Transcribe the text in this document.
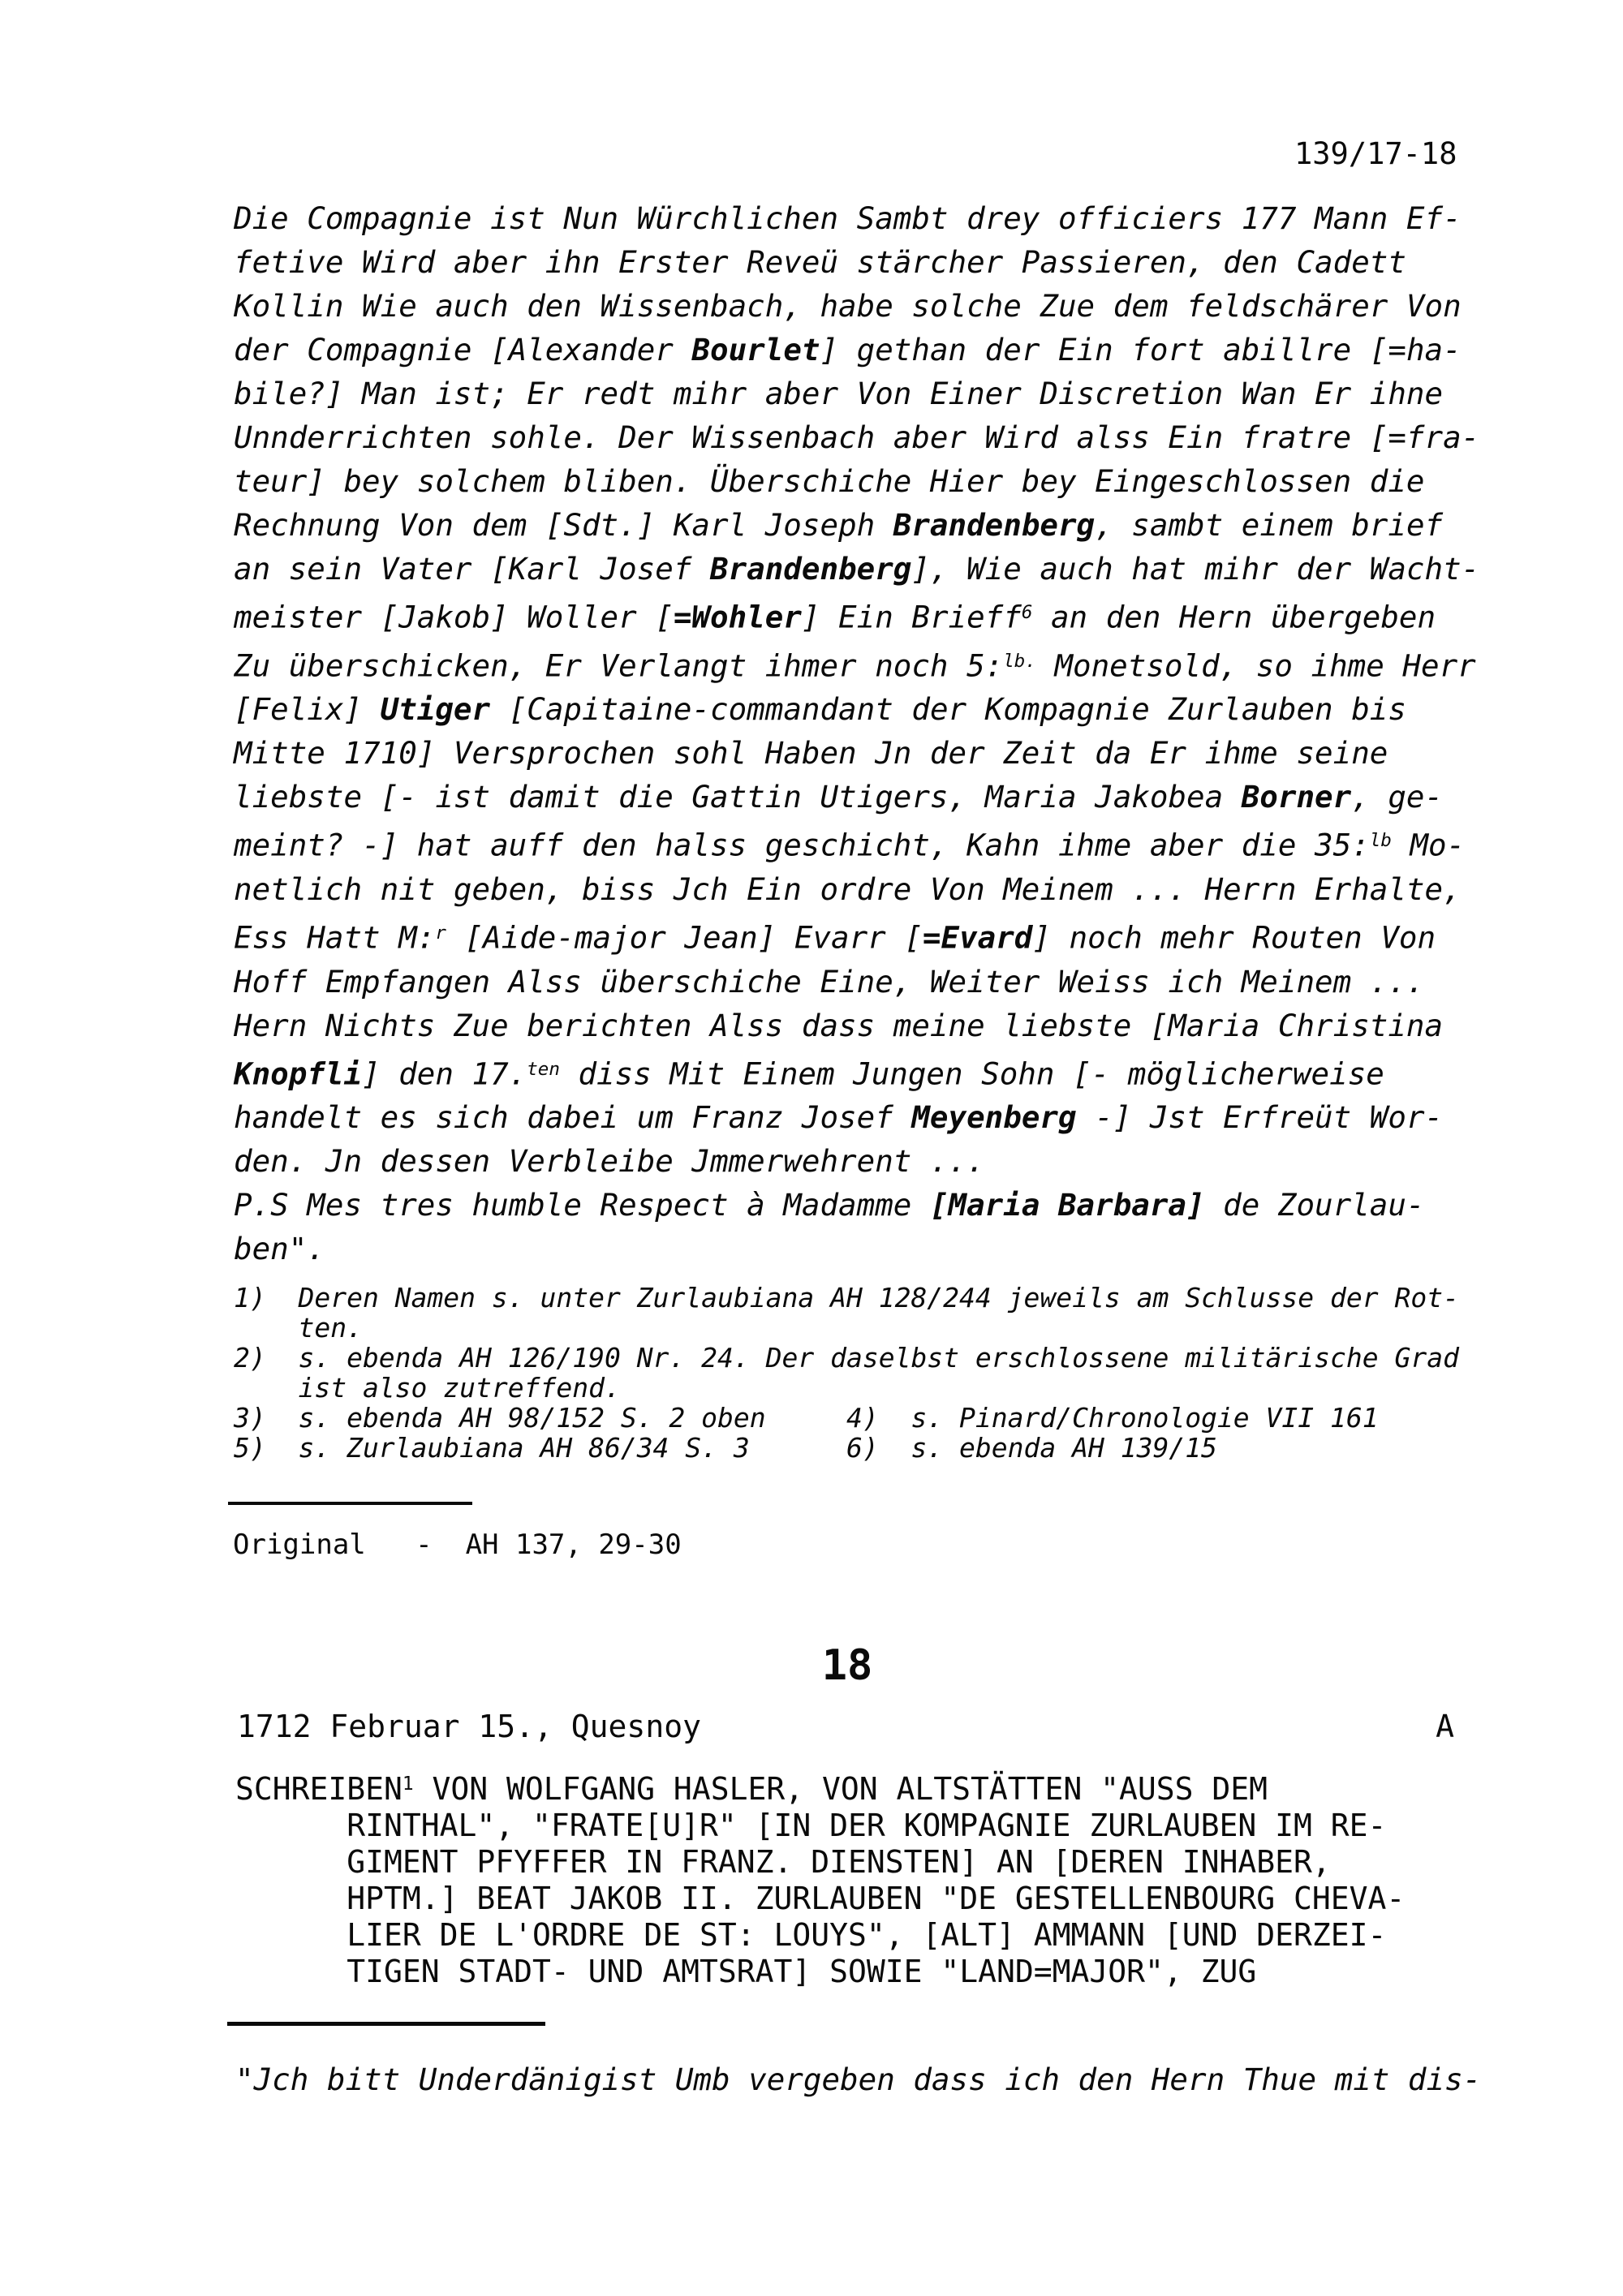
139/17-18
Die Compagnie ist Nun Würchlichen Sambt drey officiers 177 Mann Ef-
fetive Wird aber ihn Erster Reveü stärcher Passieren, den Cadett
Kollin Wie auch den Wissenbach, habe solche Zue dem feldschärer Von
der Compagnie [Alexander Bourlet] gethan der Ein fort abillre [=ha-
bile?] Man ist; Er redt mihr aber Von Einer Discretion Wan Er ihne
Unnderrichten sohle. Der Wissenbach aber Wird alss Ein fratre [=fra-
teur] bey solchem bliben. Überschiche Hier bey Eingeschlossen die
Rechnung Von dem [Sdt.] Karl Joseph Brandenberg, sambt einem brief
an sein Vater [Karl Josef Brandenberg], Wie auch hat mihr der Wacht-
meister [Jakob] Woller [=Wohler] Ein Brieff$^6$ an den Hern übergeben
Zu überschicken, Er Verlangt ihmer noch 5:$^{lb.}$ Monetsold, so ihme Herr
[Felix] Utiger [Capitaine-commandant der Kompagnie Zurlauben bis
Mitte 1710] Versprochen sohl Haben Jn der Zeit da Er ihme seine
liebste [- ist damit die Gattin Utigers, Maria Jakobea Borner, ge-
meint? -] hat auff den halss geschicht, Kahn ihme aber die 35:$^{lb}$ Mo-
netlich nit geben, biss Jch Ein ordre Von Meinem ... Herrn Erhalte,
Ess Hatt M:$^r$ [Aide-major Jean] Evarr [=Evard] noch mehr Routen Von
Hoff Empfangen Alss überschiche Eine, Weiter Weiss ich Meinem ...
Hern Nichts Zue berichten Alss dass meine liebste [Maria Christina
Knopfli] den 17.$^{ten}$ diss Mit Einem Jungen Sohn [- möglicherweise
handelt es sich dabei um Franz Josef Meyenberg -] Jst Erfreüt Wor-
den. Jn dessen Verbleibe Jmmerwehrent ...
P.S Mes tres humble Respect à Madamme [Maria Barbara] de Zourlau-
ben".
1)  Deren Namen s. unter Zurlaubiana AH 128/244 jeweils am Schlusse der Rot-
ten.
2)  s. ebenda AH 126/190 Nr. 24. Der daselbst erschlossene militärische Grad
ist also zutreffend.
3)  s. ebenda AH 98/152 S. 2 oben     4)  s. Pinard/Chronologie VII 161
5)  s. Zurlaubiana AH 86/34 S. 3      6)  s. ebenda AH 139/15
Original   -  AH 137, 29-30
18
1712 Februar 15., Quesnoy	A
SCHREIBEN$^1$ VON WOLFGANG HASLER, VON ALTSTÄTTEN "AUSS DEM
RINTHAL", "FRATE[U]R" [IN DER KOMPAGNIE ZURLAUBEN IM RE-
GIMENT PFYFFER IN FRANZ. DIENSTEN] AN [DEREN INHABER,
HPTM.] BEAT JAKOB II. ZURLAUBEN "DE GESTELLENBOURG CHEVA-
LIER DE L'ORDRE DE ST: LOUYS", [ALT] AMMANN [UND DERZEI-
TIGEN STADT- UND AMTSRAT] SOWIE "LAND=MAJOR", ZUG
"Jch bitt Underdänigist Umb vergeben dass ich den Hern Thue mit dis-
